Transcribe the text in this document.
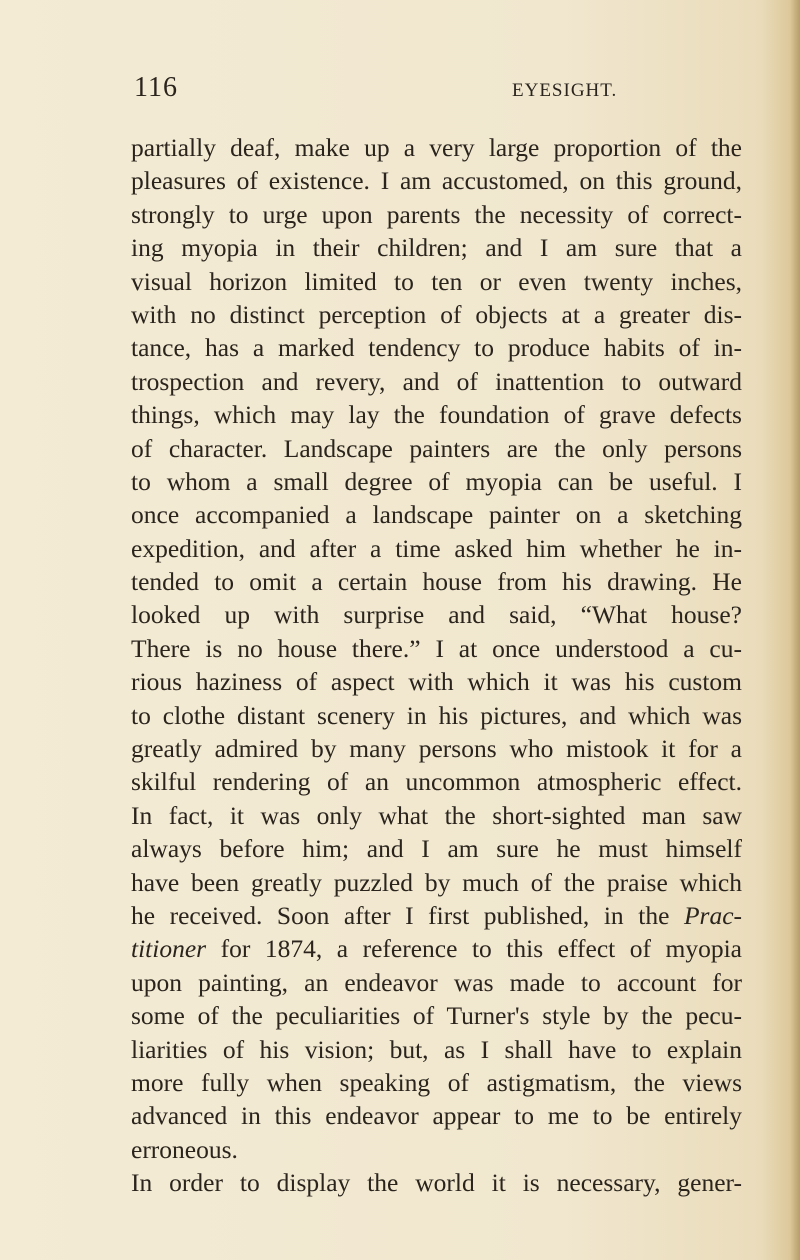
116	EYESIGHT.
partially deaf, make up a very large proportion of the
pleasures of existence. I am accustomed, on this ground,
strongly to urge upon parents the necessity of correct-
ing myopia in their children; and I am sure that a
visual horizon limited to ten or even twenty inches,
with no distinct perception of objects at a greater dis-
tance, has a marked tendency to produce habits of in-
trospection and revery, and of inattention to outward
things, which may lay the foundation of grave defects
of character. Landscape painters are the only persons
to whom a small degree of myopia can be useful. I
once accompanied a landscape painter on a sketching
expedition, and after a time asked him whether he in-
tended to omit a certain house from his drawing. He
looked up with surprise and said, “What house?
There is no house there.” I at once understood a cu-
rious haziness of aspect with which it was his custom
to clothe distant scenery in his pictures, and which was
greatly admired by many persons who mistook it for a
skilful rendering of an uncommon atmospheric effect.
In fact, it was only what the short-sighted man saw
always before him; and I am sure he must himself
have been greatly puzzled by much of the praise which
he received. Soon after I first published, in the Prac-
titioner for 1874, a reference to this effect of myopia
upon painting, an endeavor was made to account for
some of the peculiarities of Turner's style by the pecu-
liarities of his vision; but, as I shall have to explain
more fully when speaking of astigmatism, the views
advanced in this endeavor appear to me to be entirely
erroneous.
In order to display the world it is necessary, gener-
